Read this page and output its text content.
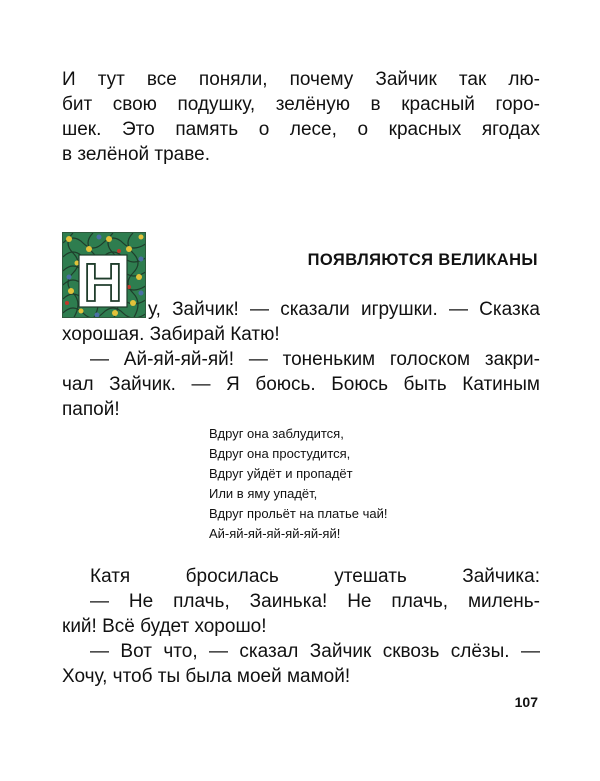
И тут все поняли, почему Зайчик так лю-
бит свою подушку, зелёную в красный горо-
шек. Это память о лесе, о красных ягодах
в зелёной траве.
Н	ПОЯВЛЯЮТСЯ ВЕЛИКАНЫ
у, Зайчик! — сказали игрушки. — Сказка
хорошая. Забирай Катю!
— Ай-яй-яй-яй! — тоненьким голоском закри-
чал Зайчик. — Я боюсь. Боюсь быть Катиным
папой!
Вдруг она заблудится,
Вдруг она простудится,
Вдруг уйдёт и пропадёт
Или в яму упадёт,
Вдруг прольёт на платье чай!
Ай-яй-яй-яй-яй-яй-яй!
Катя бросилась утешать Зайчика:
— Не плачь, Заинька! Не плачь, милень-
кий! Всё будет хорошо!
— Вот что, — сказал Зайчик сквозь слёзы. —
Хочу, чтоб ты была моей мамой!
107
